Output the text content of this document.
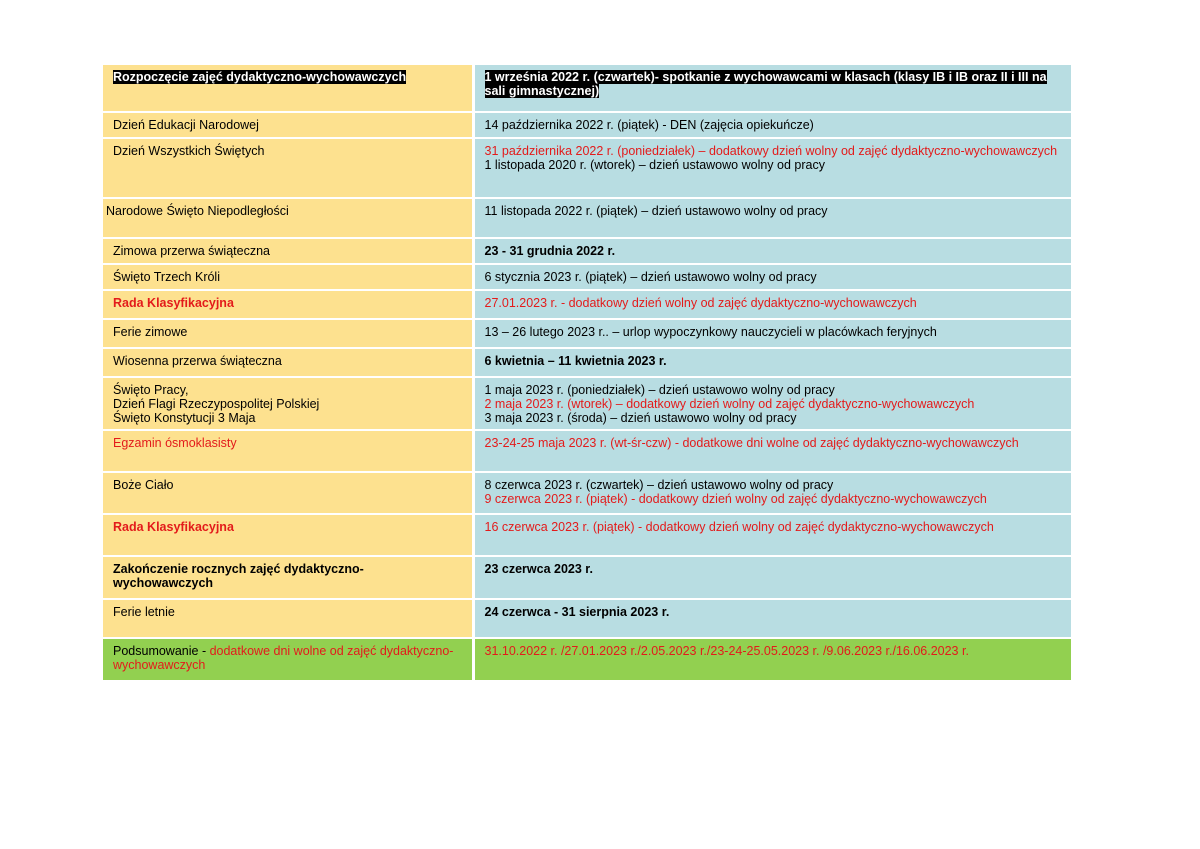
Rozpoczęcie zajęć dydaktyczno-wychowawczych	1 września 2022 r. (czwartek)- spotkanie z wychowawcami w klasach (klasy IB i IB oraz II i III na sali gimnastycznej)

Dzień Edukacji Narodowej	14 października 2022 r. (piątek) - DEN (zajęcia opiekuńcze)

Dzień Wszystkich Świętych	31 października 2022 r. (poniedziałek) – dodatkowy dzień wolny od zajęć dydaktyczno-wychowawczych
1 listopada 2020 r. (wtorek) – dzień ustawowo wolny od pracy

Narodowe Święto Niepodległości	11 listopada 2022 r. (piątek) – dzień ustawowo wolny od pracy

Zimowa przerwa świąteczna	23 - 31 grudnia 2022 r.

Święto Trzech Króli	6 stycznia 2023 r. (piątek) – dzień ustawowo wolny od pracy

Rada Klasyfikacyjna	27.01.2023 r. - dodatkowy dzień wolny od zajęć dydaktyczno-wychowawczych

Ferie zimowe	13 – 26 lutego 2023 r.. – urlop wypoczynkowy nauczycieli w placówkach feryjnych

Wiosenna przerwa świąteczna	6 kwietnia – 11 kwietnia 2023 r.

Święto Pracy,
Dzień Flagi Rzeczypospolitej Polskiej
Święto Konstytucji 3 Maja	1 maja 2023 r. (poniedziałek) – dzień ustawowo wolny od pracy
2 maja 2023 r. (wtorek) – dodatkowy dzień wolny od zajęć dydaktyczno-wychowawczych
3 maja 2023 r. (środa) – dzień ustawowo wolny od pracy

Egzamin ósmoklasisty	23-24-25 maja 2023 r. (wt-śr-czw) - dodatkowe dni wolne od zajęć dydaktyczno-wychowawczych

Boże Ciało	8 czerwca 2023 r. (czwartek) – dzień ustawowo wolny od pracy
9 czerwca 2023 r. (piątek) - dodatkowy dzień wolny od zajęć dydaktyczno-wychowawczych

Rada Klasyfikacyjna	16 czerwca 2023 r. (piątek) - dodatkowy dzień wolny od zajęć dydaktyczno-wychowawczych

Zakończenie rocznych zajęć dydaktyczno-wychowawczych	23 czerwca 2023 r.

Ferie letnie	24 czerwca - 31 sierpnia 2023 r.

Podsumowanie - dodatkowe dni wolne od zajęć dydaktyczno-wychowawczych	31.10.2022 r. /27.01.2023 r./2.05.2023 r./23-24-25.05.2023 r. /9.06.2023 r./16.06.2023 r.
